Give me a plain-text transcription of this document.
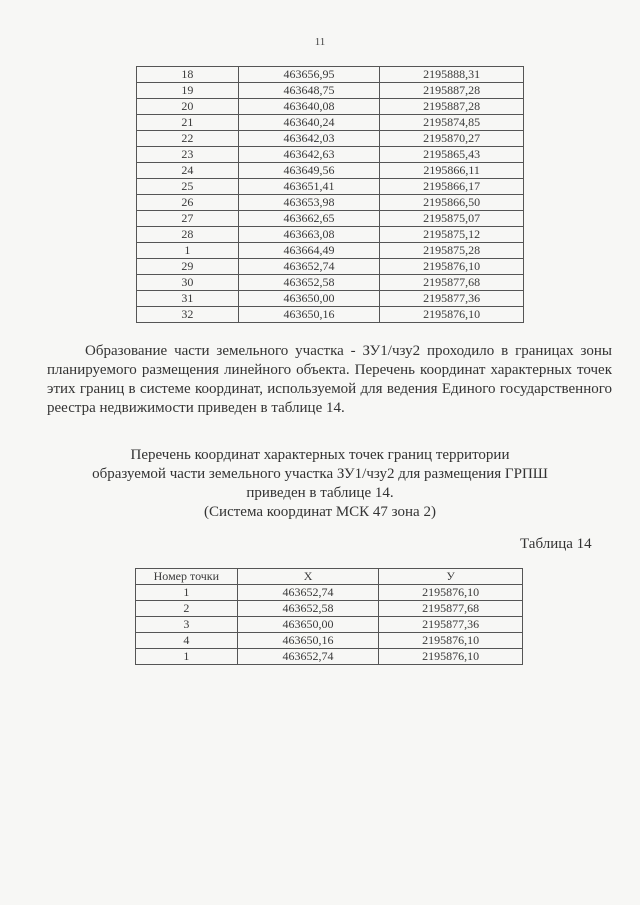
11
18	463656,95	2195888,31
19	463648,75	2195887,28
20	463640,08	2195887,28
21	463640,24	2195874,85
22	463642,03	2195870,27
23	463642,63	2195865,43
24	463649,56	2195866,11
25	463651,41	2195866,17
26	463653,98	2195866,50
27	463662,65	2195875,07
28	463663,08	2195875,12
1	463664,49	2195875,28
29	463652,74	2195876,10
30	463652,58	2195877,68
31	463650,00	2195877,36
32	463650,16	2195876,10
Образование части земельного участка - ЗУ1/чзу2 проходило в границах зоны планируемого размещения линейного объекта. Перечень координат характерных точек этих границ в системе координат, используемой для ведения Единого государственного реестра недвижимости приведен в таблице 14.
Перечень координат характерных точек границ территории
образуемой части земельного участка ЗУ1/чзу2 для размещения ГРПШ
приведен в таблице 14.
(Система координат МСК 47 зона 2)
Таблица 14
Номер точки	X	У
1	463652,74	2195876,10
2	463652,58	2195877,68
3	463650,00	2195877,36
4	463650,16	2195876,10
1	463652,74	2195876,10
